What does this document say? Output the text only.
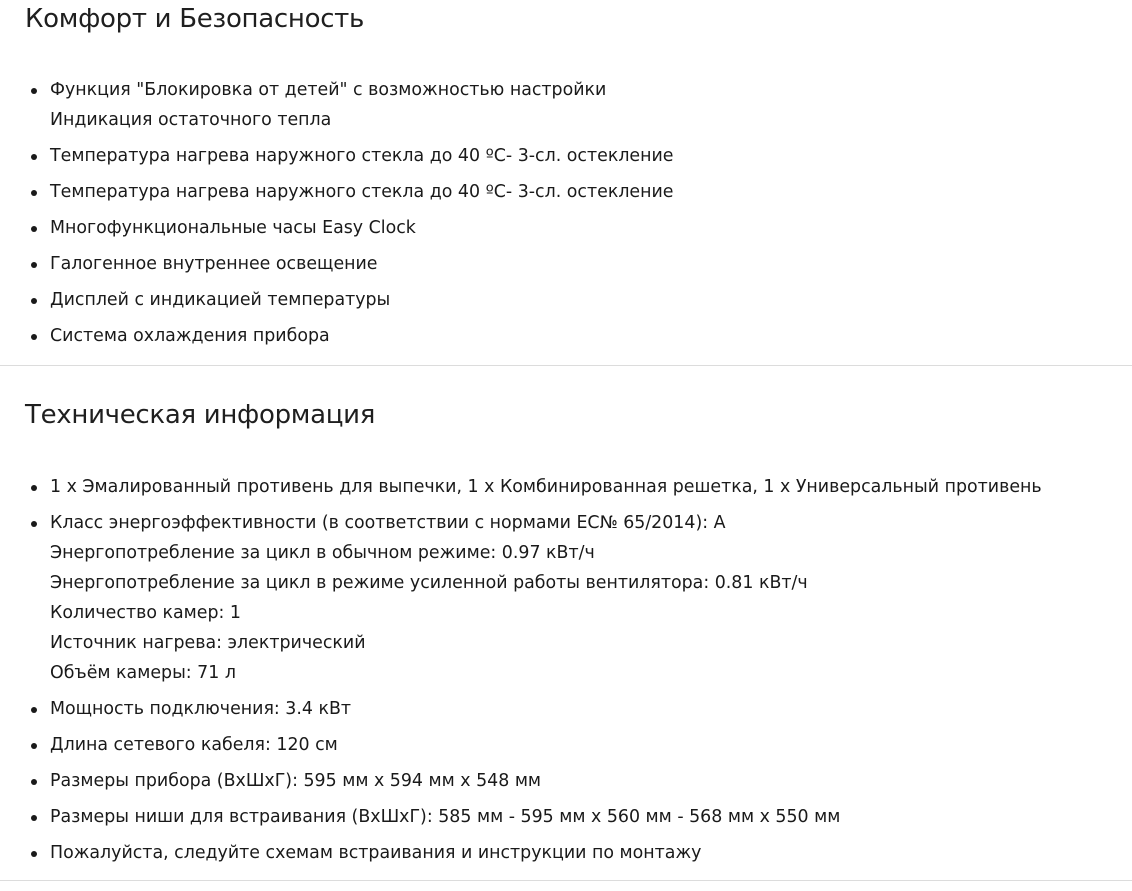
Комфорт и Безопасность
Функция "Блокировка от детей" с возможностью настройки
Индикация остаточного тепла
Температура нагрева наружного стекла до 40 ºC- 3-сл. остекление
Температура нагрева наружного стекла до 40 ºC- 3-сл. остекление
Многофункциональные часы Easy Clock
Галогенное внутреннее освещение
Дисплей с индикацией температуры
Система охлаждения прибора
Техническая информация
1 x Эмалированный противень для выпечки, 1 x Комбинированная решетка, 1 x Универсальный противень
Класс энергоэффективности (в соответствии с нормами EC№ 65/2014): A
Энергопотребление за цикл в обычном режиме: 0.97 кВт/ч
Энергопотребление за цикл в режиме усиленной работы вентилятора: 0.81 кВт/ч
Количество камер: 1
Источник нагрева: электрический
Объём камеры: 71 л
Мощность подключения: 3.4 кВт
Длина сетевого кабеля: 120 см
Размеры прибора (ВхШхГ): 595 мм x 594 мм x 548 мм
Размеры ниши для встраивания (ВхШхГ): 585 мм - 595 мм x 560 мм - 568 мм x 550 мм
Пожалуйста, следуйте схемам встраивания и инструкции по монтажу
